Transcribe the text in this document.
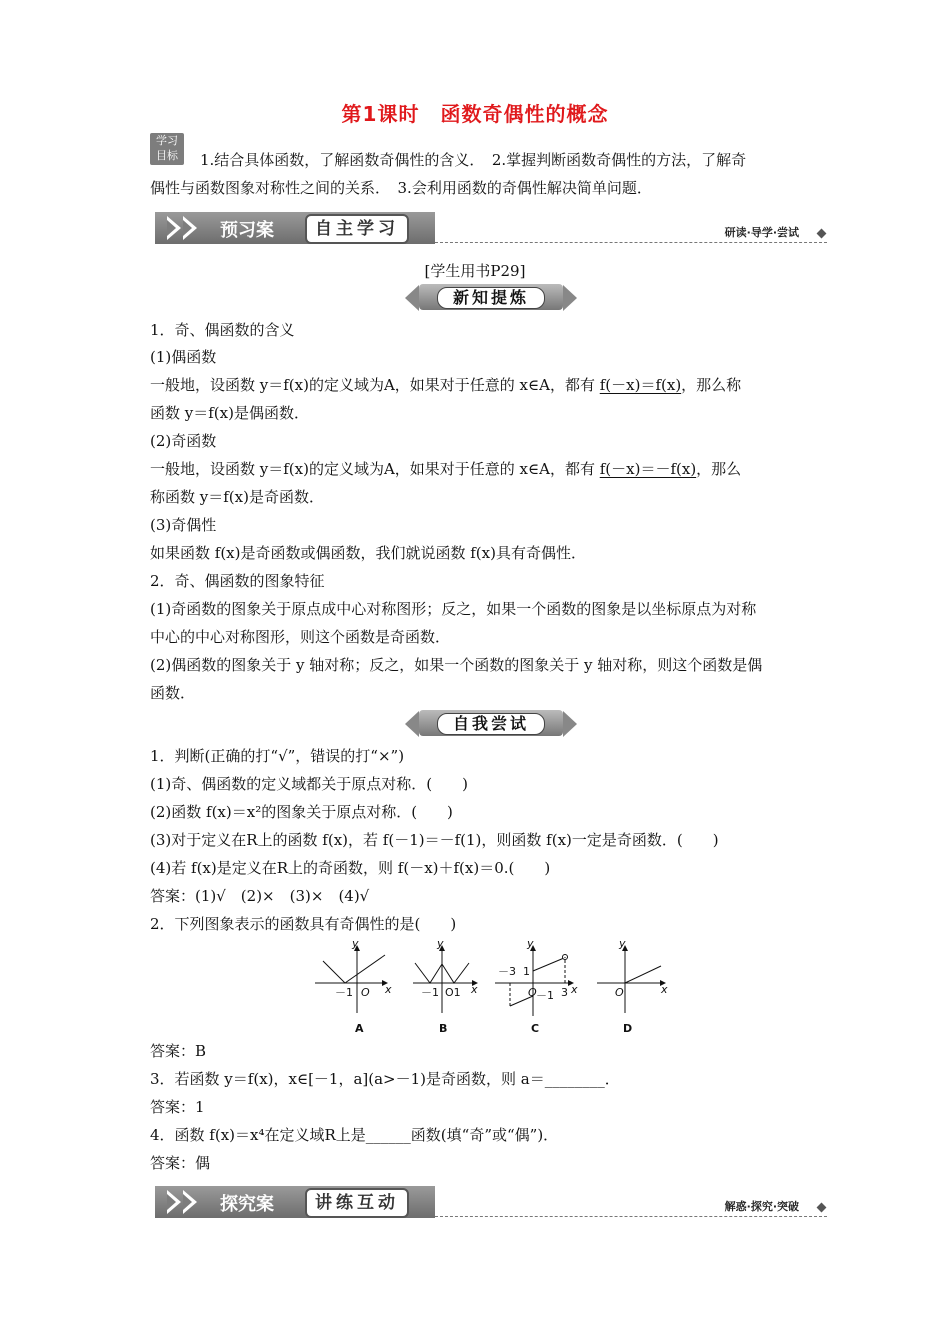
第1课时　函数奇偶性的概念
学习
目标	1.结合具体函数，了解函数奇偶性的含义．　2.掌握判断函数奇偶性的方法，了解奇
偶性与函数图象对称性之间的关系．　3.会利用函数的奇偶性解决简单问题．
预习案	自主学习	研读·导学·尝试
[学生用书P29]
新知提炼
1．奇、偶函数的含义
(1)偶函数
一般地，设函数 y＝f(x)的定义域为A，如果对于任意的 x∈A，都有 f(－x)＝f(x)，那么称
函数 y＝f(x)是偶函数．
(2)奇函数
一般地，设函数 y＝f(x)的定义域为A，如果对于任意的 x∈A，都有 f(－x)＝－f(x)，那么
称函数 y＝f(x)是奇函数．
(3)奇偶性
如果函数 f(x)是奇函数或偶函数，我们就说函数 f(x)具有奇偶性．
2．奇、偶函数的图象特征
(1)奇函数的图象关于原点成中心对称图形；反之，如果一个函数的图象是以坐标原点为对称
中心的中心对称图形，则这个函数是奇函数．
(2)偶函数的图象关于 y 轴对称；反之，如果一个函数的图象关于 y 轴对称，则这个函数是偶
函数．
自我尝试
1．判断(正确的打“√”，错误的打“×”)
(1)奇、偶函数的定义域都关于原点对称．(　　)
(2)函数 f(x)＝x²的图象关于原点对称．(　　)
(3)对于定义在R上的函数 f(x)，若 f(－1)＝－f(1)，则函数 f(x)一定是奇函数．(　　)
(4)若 f(x)是定义在R上的奇函数，则 f(－x)＋f(x)＝0.(　　)
答案：(1)√　(2)×　(3)×　(4)√
2．下列图象表示的函数具有奇偶性的是(　　)
y
x
y
x
y
x
y
x
O	O	O
－1	－1 O1
－3 1
－1 3
A	B	C	D
答案：B
3．若函数 y＝f(x)，x∈[－1，a](a>－1)是奇函数，则 a＝________．
答案：1
4．函数 f(x)＝x⁴在定义域R上是______函数(填“奇”或“偶”)．
答案：偶
探究案	讲练互动	解惑·探究·突破
